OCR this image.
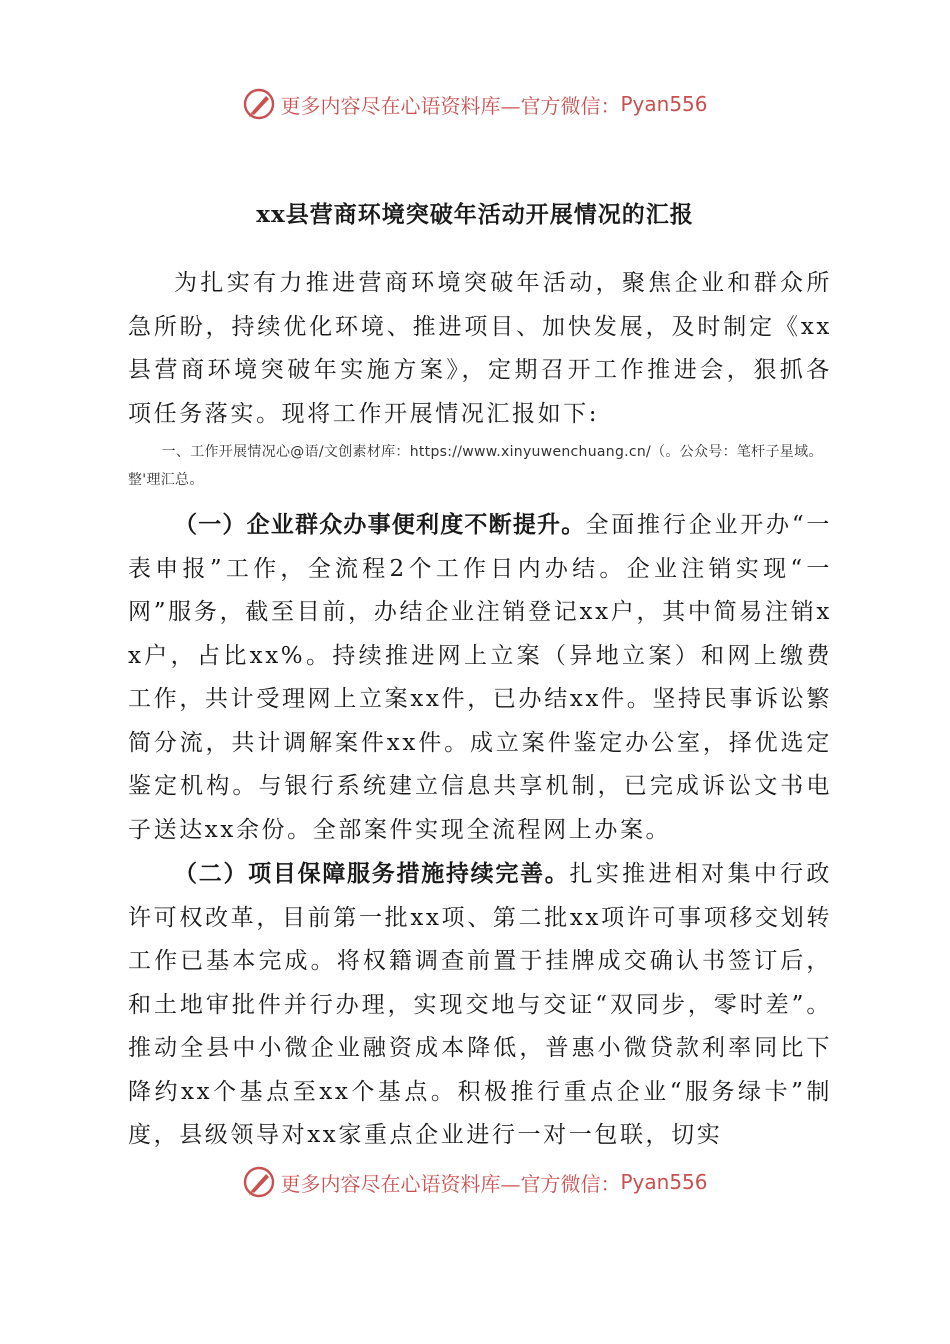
更多内容尽在心语资料库—官方微信： Pyan556
xx县营商环境突破年活动开展情况的汇报

为扎实有力推进营商环境突破年活动，聚焦企业和群众所急所盼，持续优化环境、推进项目、加快发展，及时制定《xx县营商环境突破年实施方案》，定期召开工作推进会，狠抓各项任务落实。现将工作开展情况汇报如下:

一、工作开展情况心@语/文创素材库：https://www.xinyuwenchuang.cn/（。公众号：笔杆子星域。整'理汇总。

（一）企业群众办事便利度不断提升。全面推行企业开办“一表申报”工作，全流程2个工作日内办结。企业注销实现“一网”服务，截至目前，办结企业注销登记xx户，其中简易注销xx户，占比xx%。持续推进网上立案（异地立案）和网上缴费工作，共计受理网上立案xx件，已办结xx件。坚持民事诉讼繁简分流，共计调解案件xx件。成立案件鉴定办公室，择优选定鉴定机构。与银行系统建立信息共享机制，已完成诉讼文书电子送达xx余份。全部案件实现全流程网上办案。

（二）项目保障服务措施持续完善。扎实推进相对集中行政许可权改革，目前第一批xx项、第二批xx项许可事项移交划转工作已基本完成。将权籍调查前置于挂牌成交确认书签订后，和土地审批件并行办理，实现交地与交证“双同步，零时差”。推动全县中小微企业融资成本降低，普惠小微贷款利率同比下降约xx个基点至xx个基点。积极推行重点企业“服务绿卡”制度，县级领导对xx家重点企业进行一对一包联，切实

更多内容尽在心语资料库—官方微信： Pyan556
